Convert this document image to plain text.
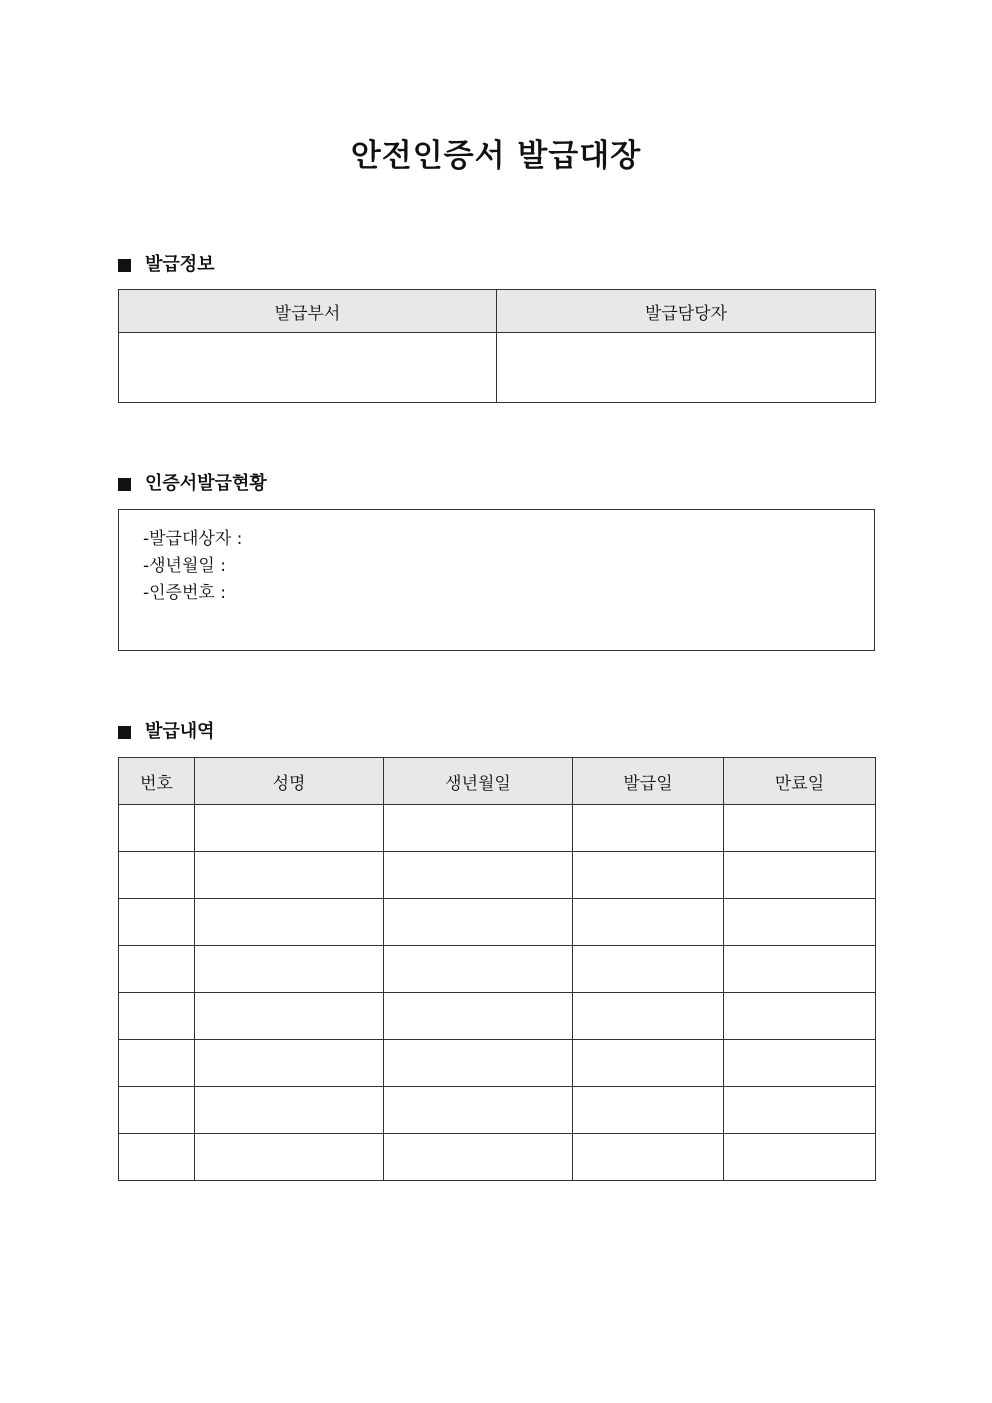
안전인증서 발급대장
발급정보
발급부서	발급담당자

인증서발급현황
-발급대상자 :
-생년월일 :
-인증번호 :
발급내역
번호	성명	생년월일	발급일	만료일
